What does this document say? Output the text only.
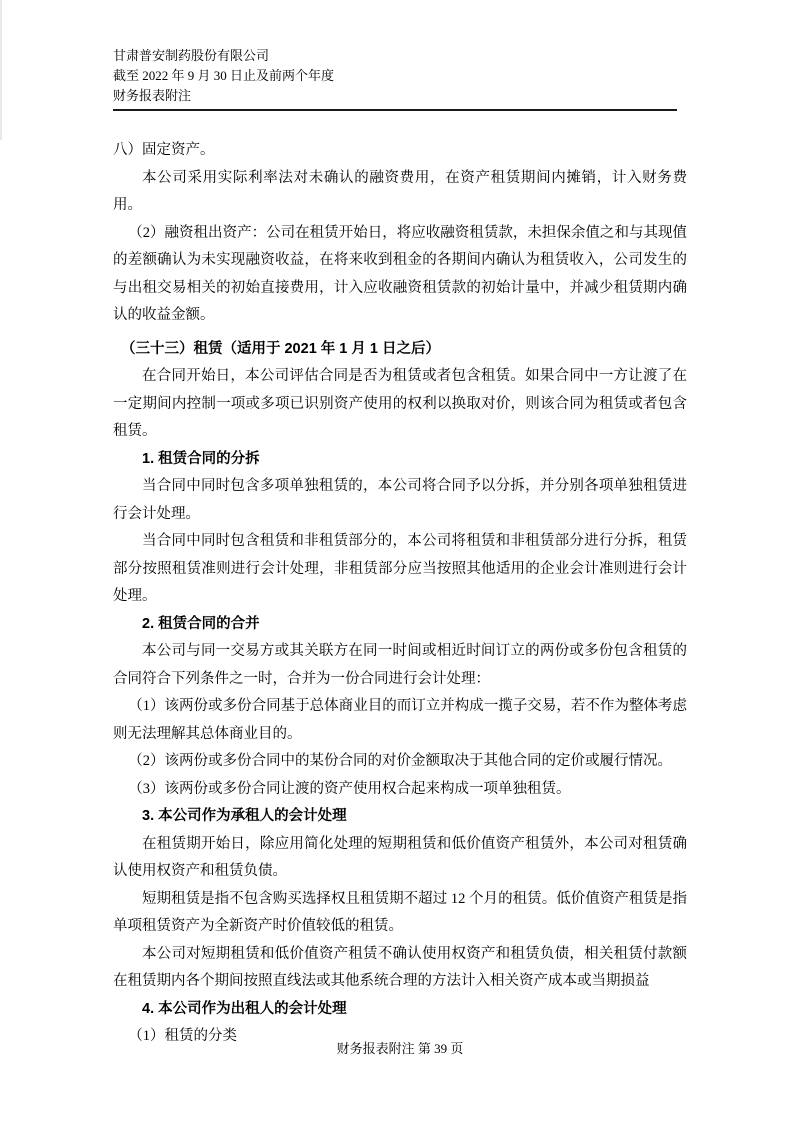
甘肃普安制药股份有限公司
截至 2022 年 9 月 30 日止及前两个年度
财务报表附注

八）固定资产。

本公司采用实际利率法对未确认的融资费用，在资产租赁期间内摊销，计入财务费用。

（2）融资租出资产：公司在租赁开始日，将应收融资租赁款，未担保余值之和与其现值的差额确认为未实现融资收益，在将来收到租金的各期间内确认为租赁收入，公司发生的与出租交易相关的初始直接费用，计入应收融资租赁款的初始计量中，并减少租赁期内确认的收益金额。

（三十三）租赁（适用于 2021 年 1 月 1 日之后）

在合同开始日，本公司评估合同是否为租赁或者包含租赁。如果合同中一方让渡了在一定期间内控制一项或多项已识别资产使用的权利以换取对价，则该合同为租赁或者包含租赁。

1. 租赁合同的分拆

当合同中同时包含多项单独租赁的，本公司将合同予以分拆，并分别各项单独租赁进行会计处理。

当合同中同时包含租赁和非租赁部分的，本公司将租赁和非租赁部分进行分拆，租赁部分按照租赁准则进行会计处理，非租赁部分应当按照其他适用的企业会计准则进行会计处理。

2. 租赁合同的合并

本公司与同一交易方或其关联方在同一时间或相近时间订立的两份或多份包含租赁的合同符合下列条件之一时，合并为一份合同进行会计处理：

（1）该两份或多份合同基于总体商业目的而订立并构成一揽子交易，若不作为整体考虑则无法理解其总体商业目的。

（2）该两份或多份合同中的某份合同的对价金额取决于其他合同的定价或履行情况。

（3）该两份或多份合同让渡的资产使用权合起来构成一项单独租赁。

3. 本公司作为承租人的会计处理

在租赁期开始日，除应用简化处理的短期租赁和低价值资产租赁外，本公司对租赁确认使用权资产和租赁负债。

短期租赁是指不包含购买选择权且租赁期不超过 12 个月的租赁。低价值资产租赁是指单项租赁资产为全新资产时价值较低的租赁。

本公司对短期租赁和低价值资产租赁不确认使用权资产和租赁负债，相关租赁付款额在租赁期内各个期间按照直线法或其他系统合理的方法计入相关资产成本或当期损益

4. 本公司作为出租人的会计处理

（1）租赁的分类

财务报表附注 第 39 页
